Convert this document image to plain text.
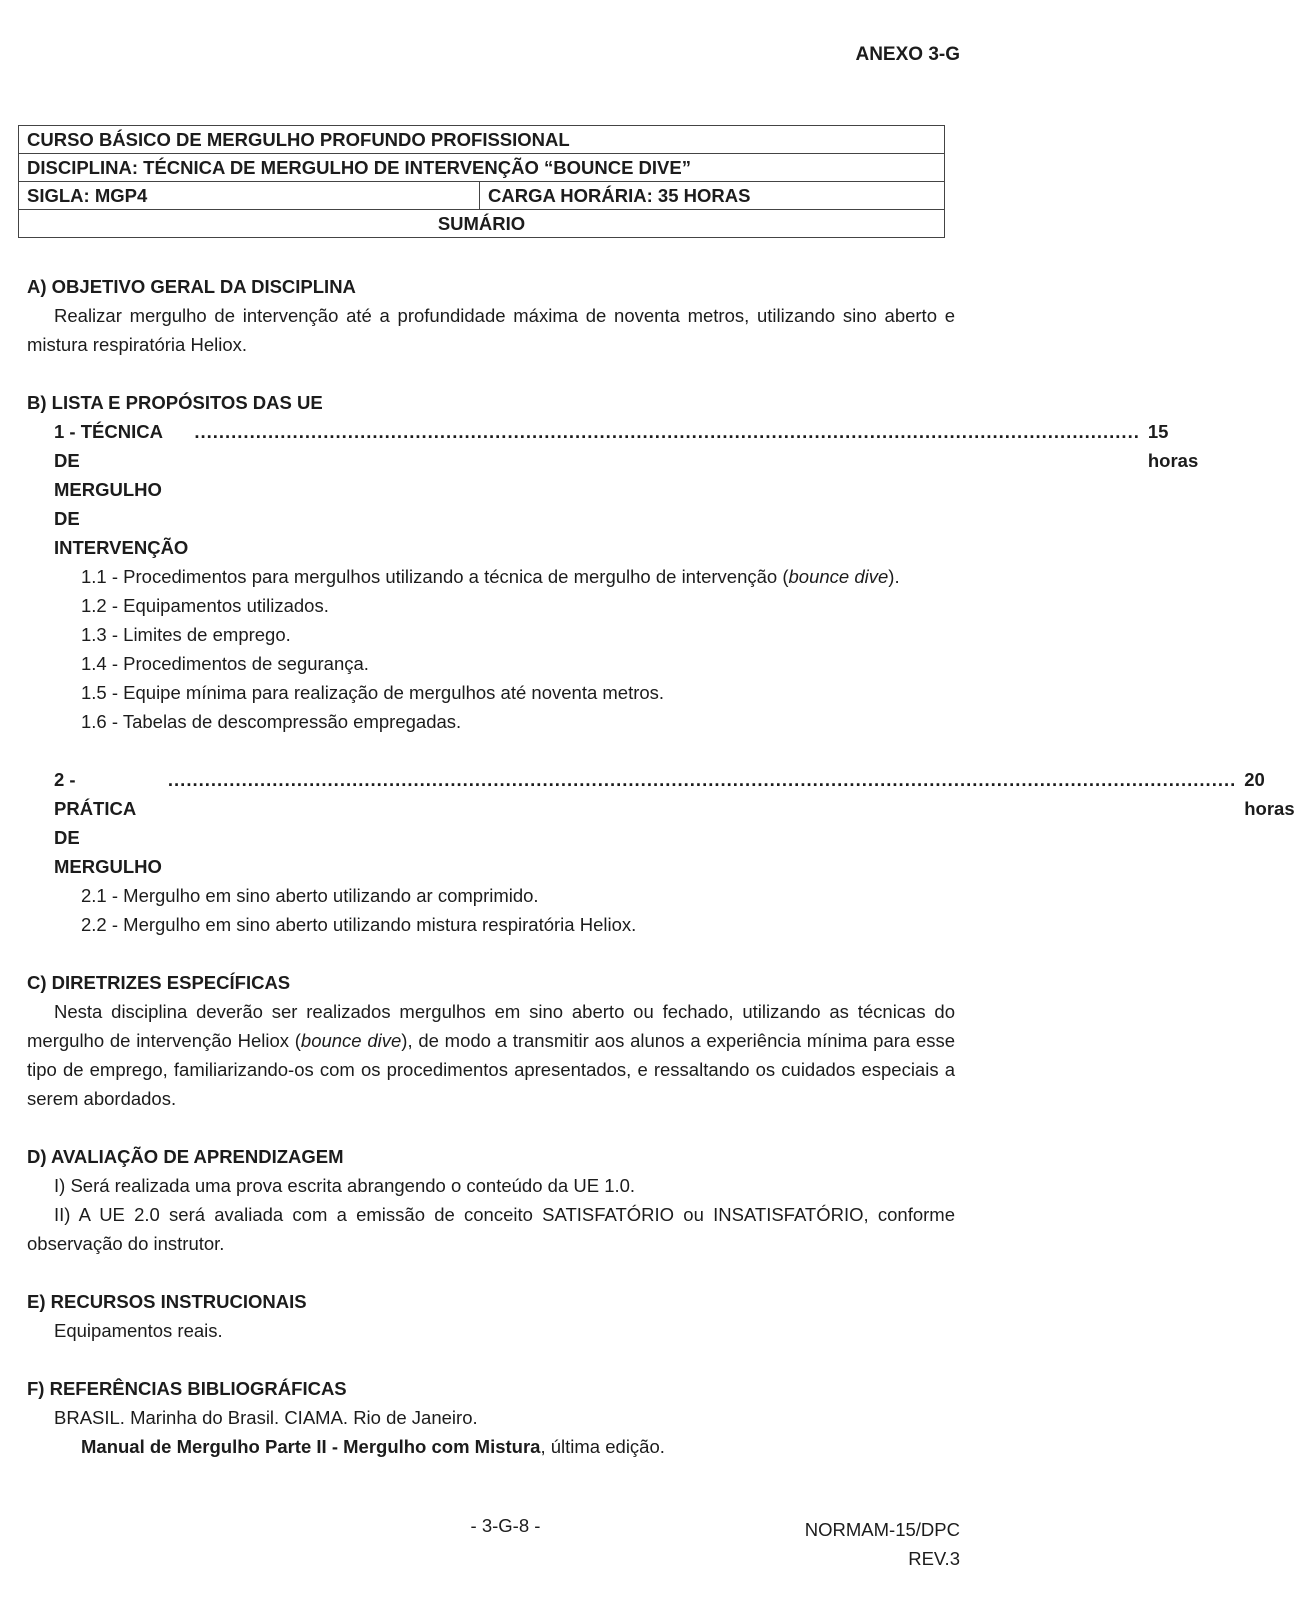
ANEXO 3-G
CURSO BÁSICO DE MERGULHO PROFUNDO PROFISSIONAL
DISCIPLINA: TÉCNICA DE MERGULHO DE INTERVENÇÃO “BOUNCE DIVE”
SIGLA: MGP4	CARGA HORÁRIA: 35 HORAS
SUMÁRIO
A) OBJETIVO GERAL DA DISCIPLINA
Realizar mergulho de intervenção até a profundidade máxima de noventa metros, utilizando sino aberto e mistura respiratória Heliox.
B) LISTA E PROPÓSITOS DAS UE
1 - TÉCNICA DE MERGULHO DE INTERVENÇÃO
.......................................................................................................................................................... 15 horas
1.1 - Procedimentos para mergulhos utilizando a técnica de mergulho de intervenção (bounce dive).
1.2 - Equipamentos utilizados.
1.3 - Limites de emprego.
1.4 - Procedimentos de segurança.
1.5 - Equipe mínima para realização de mergulhos até noventa metros.
1.6 - Tabelas de descompressão empregadas.
2 - PRÁTICA DE MERGULHO
.............................................................................................................................................................................. 20 horas
2.1 - Mergulho em sino aberto utilizando ar comprimido.
2.2 - Mergulho em sino aberto utilizando mistura respiratória Heliox.
C) DIRETRIZES ESPECÍFICAS
Nesta disciplina deverão ser realizados mergulhos em sino aberto ou fechado, utilizando as técnicas do mergulho de intervenção Heliox (bounce dive), de modo a transmitir aos alunos a experiência mínima para esse tipo de emprego, familiarizando-os com os procedimentos apresentados, e ressaltando os cuidados especiais a serem abordados.
D) AVALIAÇÃO DE APRENDIZAGEM
I) Será realizada uma prova escrita abrangendo o conteúdo da UE 1.0.
II) A UE 2.0 será avaliada com a emissão de conceito SATISFATÓRIO ou INSATISFATÓRIO, conforme observação do instrutor.
E) RECURSOS INSTRUCIONAIS
Equipamentos reais.
F) REFERÊNCIAS BIBLIOGRÁFICAS
BRASIL. Marinha do Brasil. CIAMA. Rio de Janeiro.
Manual de Mergulho Parte II - Mergulho com Mistura, última edição.
- 3-G-8 -	NORMAM-15/DPC
REV.3
